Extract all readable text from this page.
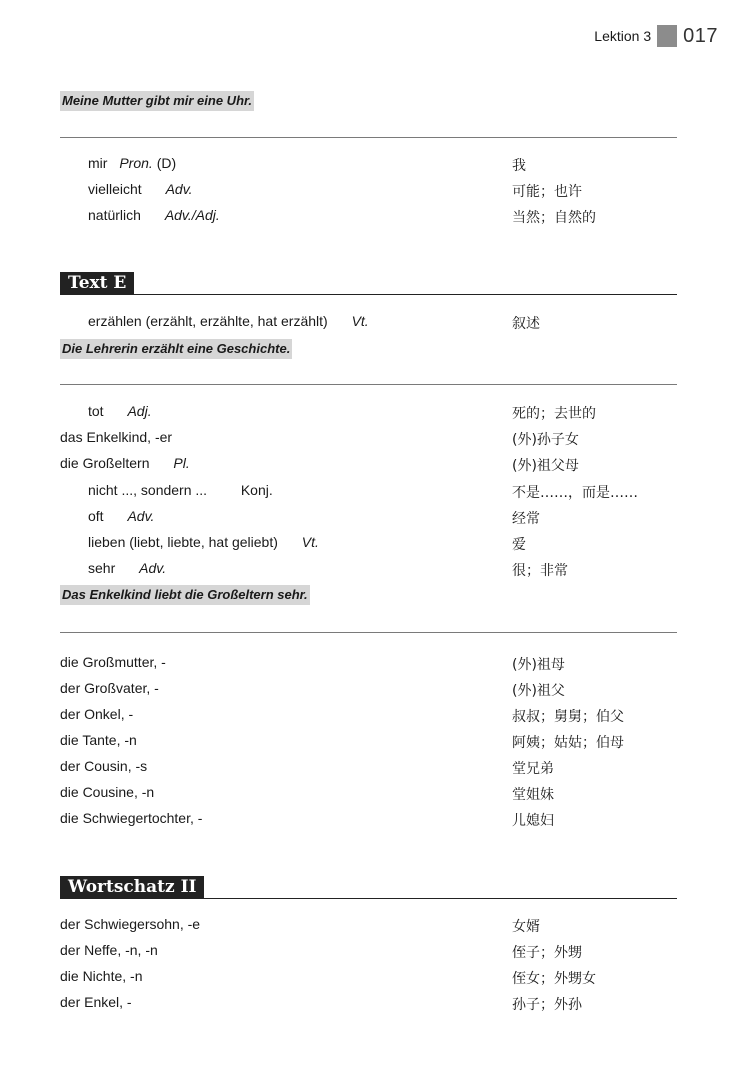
Lektion 3 017
Meine Mutter gibt mir eine Uhr.
mir Pron. (D)	我
vielleicht Adv.	可能；也许
natürlich Adv./Adj.	当然；自然的
Text E
erzählen (erzählt, erzählte, hat erzählt) Vt.	叙述
Die Lehrerin erzählt eine Geschichte.
tot Adj.	死的；去世的
das Enkelkind, -er	(外)孙子女
die Großeltern Pl.	(外)祖父母
nicht ..., sondern ... Konj.	不是……，而是……
oft Adv.	经常
lieben (liebt, liebte, hat geliebt) Vt.	爱
sehr Adv.	很；非常
Das Enkelkind liebt die Großeltern sehr.
die Großmutter, -	(外)祖母
der Großvater, -	(外)祖父
der Onkel, -	叔叔；舅舅；伯父
die Tante, -n	阿姨；姑姑；伯母
der Cousin, -s	堂兄弟
die Cousine, -n	堂姐妹
die Schwiegertochter, -	儿媳妇
Wortschatz II
der Schwiegersohn, -e	女婿
der Neffe, -n, -n	侄子；外甥
die Nichte, -n	侄女；外甥女
der Enkel, -	孙子；外孙
